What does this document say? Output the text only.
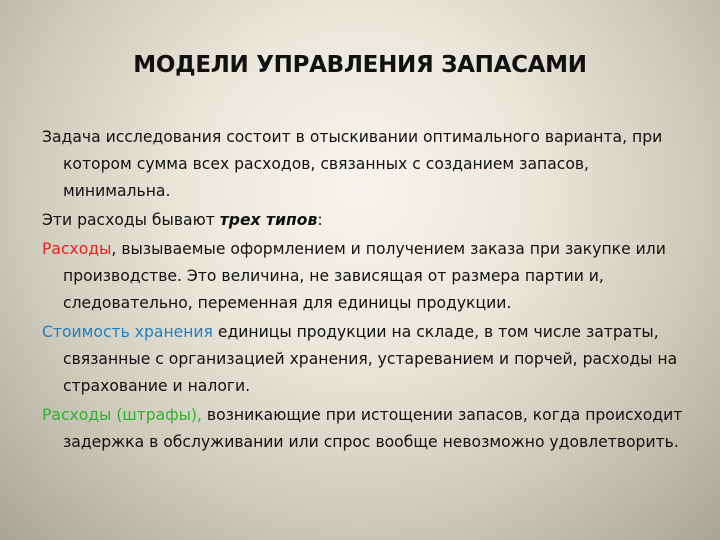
МОДЕЛИ УПРАВЛЕНИЯ ЗАПАСАМИ

Задача исследования состоит в отыскивании оптимального варианта, при котором сумма всех расходов, связанных с созданием запасов, минимальна.

Эти расходы бывают трех типов:

Расходы, вызываемые оформлением и получением заказа при закупке или производстве. Это величина, не зависящая от размера партии и, следовательно, переменная для единицы продукции.

Стоимость хранения единицы продукции на складе, в том числе затраты, связанные с организацией хранения, устареванием и порчей, расходы на страхование и налоги.

Расходы (штрафы), возникающие при истощении запасов, когда происходит задержка в обслуживании или спрос вообще невозможно удовлетворить.
